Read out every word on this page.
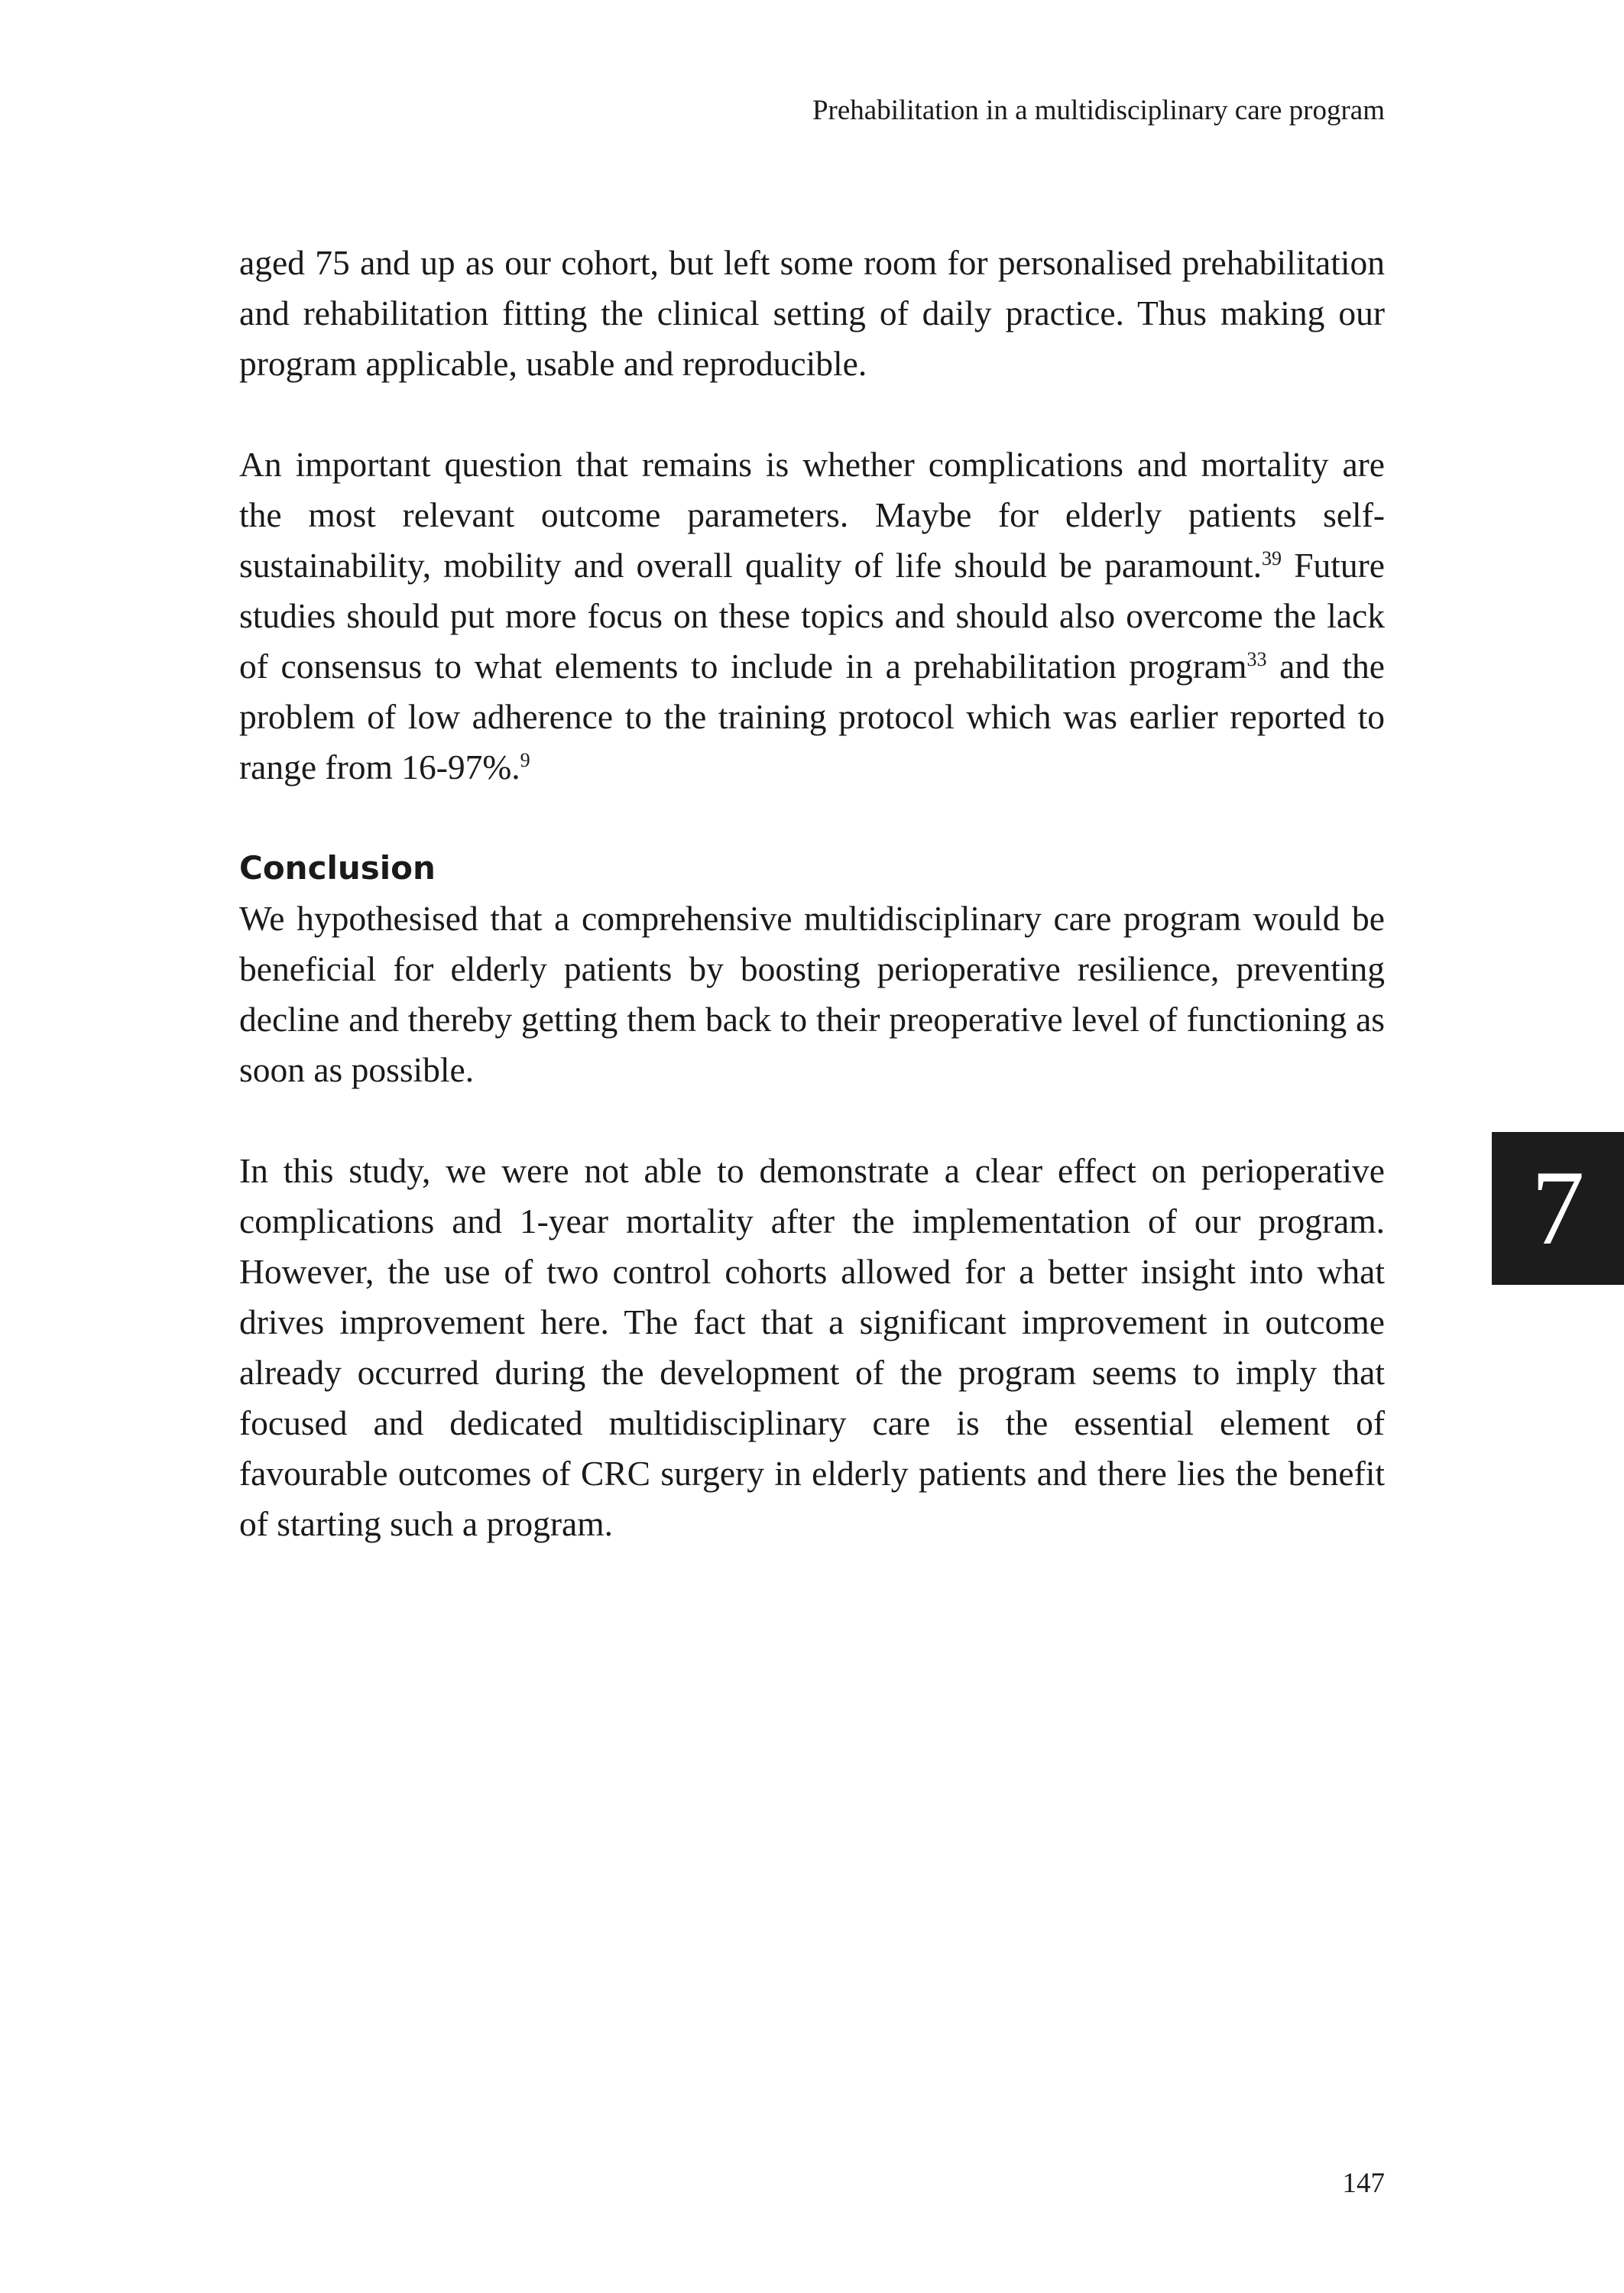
Prehabilitation in a multidisciplinary care program

aged 75 and up as our cohort, but left some room for personalised prehabilitation and rehabilitation fitting the clinical setting of daily practice. Thus making our program applicable, usable and reproducible.

An important question that remains is whether complications and mortality are the most relevant outcome parameters. Maybe for elderly patients self-sustainability, mobility and overall quality of life should be paramount.$^{39}$ Future studies should put more focus on these topics and should also overcome the lack of consensus to what elements to include in a prehabilitation program$^{33}$ and the problem of low adherence to the training protocol which was earlier reported to range from 16-97%.$^9$

Conclusion

We hypothesised that a comprehensive multidisciplinary care program would be beneficial for elderly patients by boosting perioperative resilience, preventing decline and thereby getting them back to their preoperative level of functioning as soon as possible.

In this study, we were not able to demonstrate a clear effect on perioperative complications and 1-year mortality after the implementation of our program. However, the use of two control cohorts allowed for a better insight into what drives improvement here. The fact that a significant improvement in outcome already occurred during the development of the program seems to imply that focused and dedicated multidisciplinary care is the essential element of favourable outcomes of CRC surgery in elderly patients and there lies the benefit of starting such a program.

7
147
